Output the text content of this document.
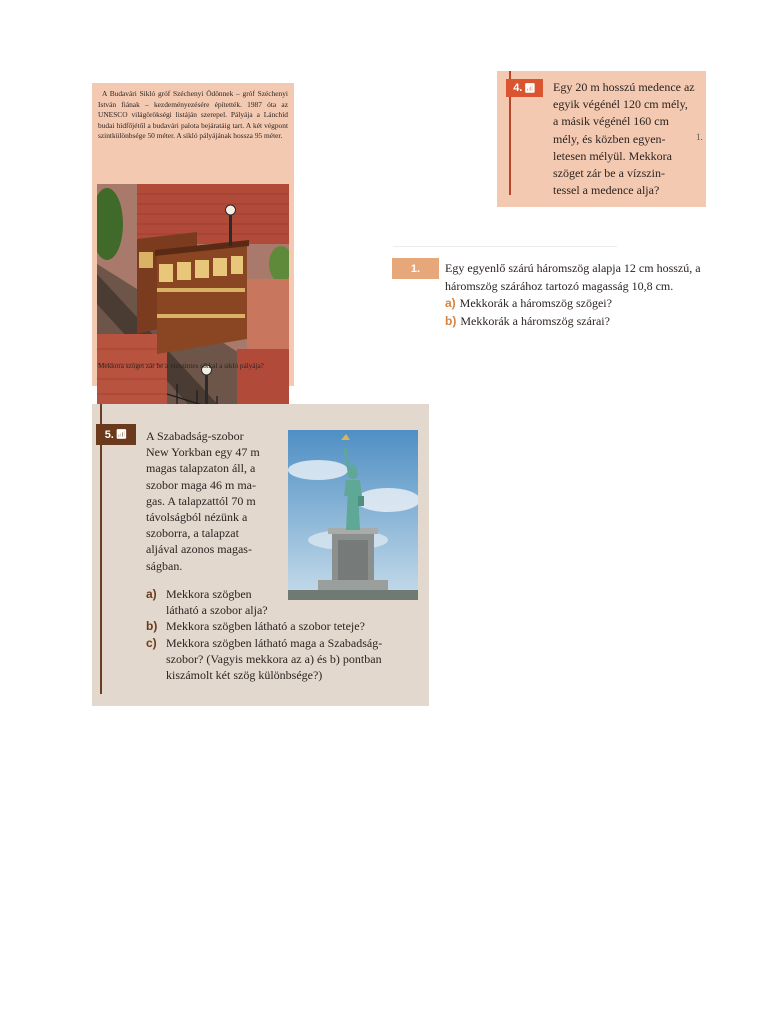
A Budavári Sikló gróf Széchenyi Ödönnek – gróf Széchenyi István fiának – kezdeményezésére építették. 1987 óta az UNESCO világörökségi listáján szerepel. Pályája a Lánchíd budai hídfőjétől a budavári palota bejáratáig tart. A két végpont szintkülönbsége 50 méter. A sikló pályájának hossza 95 méter.

Mekkora szöget zár be a vízszintes síkkal a sikló pályája?
4. 📶︎ Egy 20 m hosszú medence az
egyik végénél 120 cm mély,
a másik végénél 160 cm
mély, és közben egyen-
letesen mélyül. Mekkora
szöget zár be a vízszin-
tessel a medence alja?
1.
1. Egy egyenlő szárú háromszög alapja 12 cm hosszú, a
háromszög szárához tartozó magasság 10,8 cm.
a) Mekkorák a háromszög szögei?
b) Mekkorák a háromszög szárai?
5. 📶︎ A Szabadság-szobor
New Yorkban egy 47 m
magas talapzaton áll, a
szobor maga 46 m ma-
gas. A talapzattól 70 m
távolságból nézünk a
szoborra, a talapzat
aljával azonos magas-
ságban.
a) Mekkora szögben
látható a szobor alja?
b) Mekkora szögben látható a szobor teteje?
c) Mekkora szögben látható maga a Szabadság-
szobor? (Vagyis mekkora az a) és b) pontban
kiszámolt két szög különbsége?)
